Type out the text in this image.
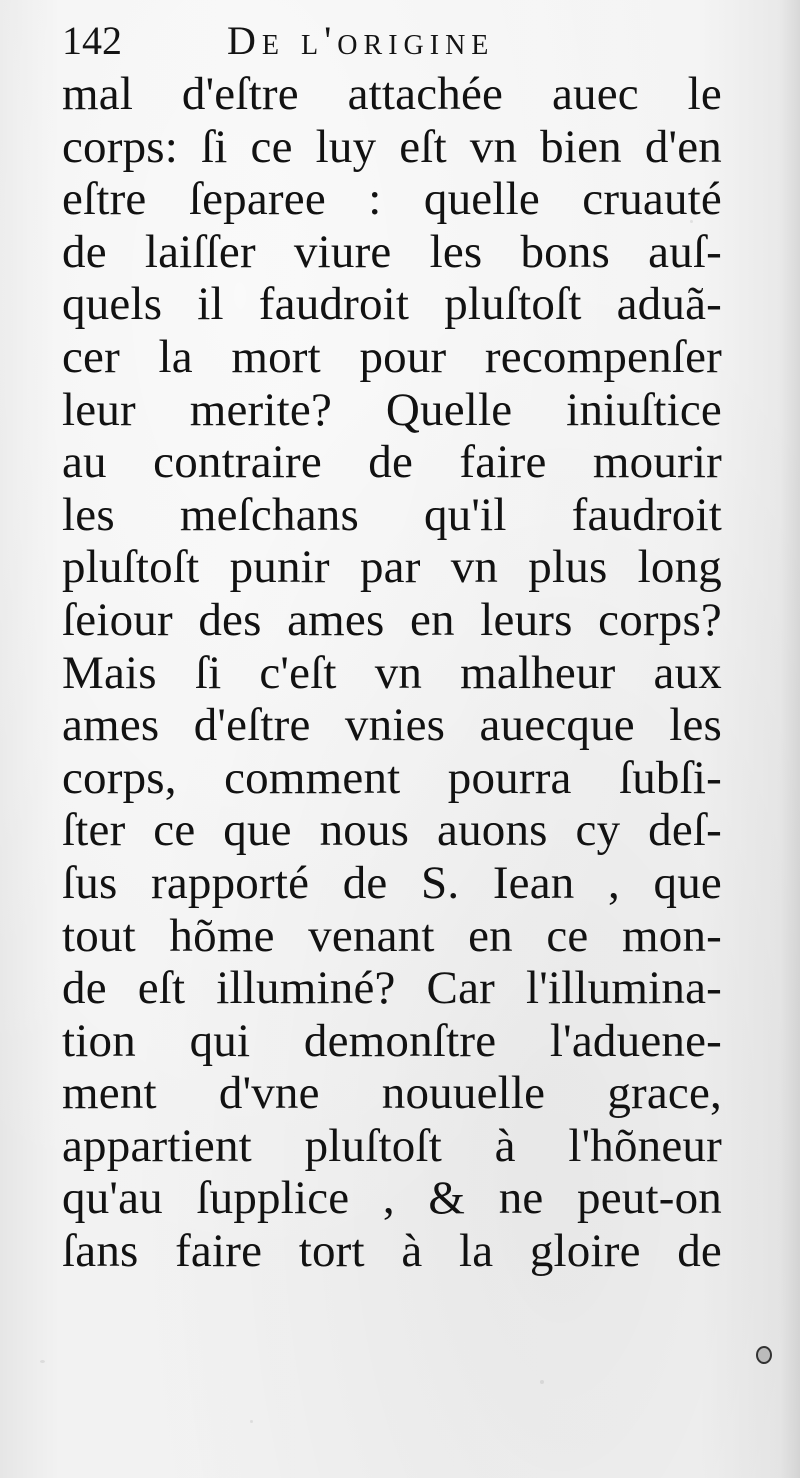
142	De l'origine
mal d'eſtre attachée auec le
corps: ſi ce luy eſt vn bien d'en
eſtre ſeparee : quelle cruauté
de laiſſer viure les bons auſ-
quels il faudroit pluſtoſt aduã-
cer la mort pour recompenſer
leur merite? Quelle iniuſtice
au contraire de faire mourir
les meſchans qu'il faudroit
pluſtoſt punir par vn plus long
ſeiour des ames en leurs corps?
Mais ſi c'eſt vn malheur aux
ames d'eſtre vnies auecque les
corps, comment pourra ſubſi-
ſter ce que nous auons cy deſ-
ſus rapporté de S. Iean , que
tout hõme venant en ce mon-
de eſt illuminé? Car l'illumina-
tion qui demonſtre l'aduene-
ment d'vne nouuelle grace,
appartient pluſtoſt à l'hõneur
qu'au ſupplice , & ne peut-on
ſans faire tort à la gloire de
